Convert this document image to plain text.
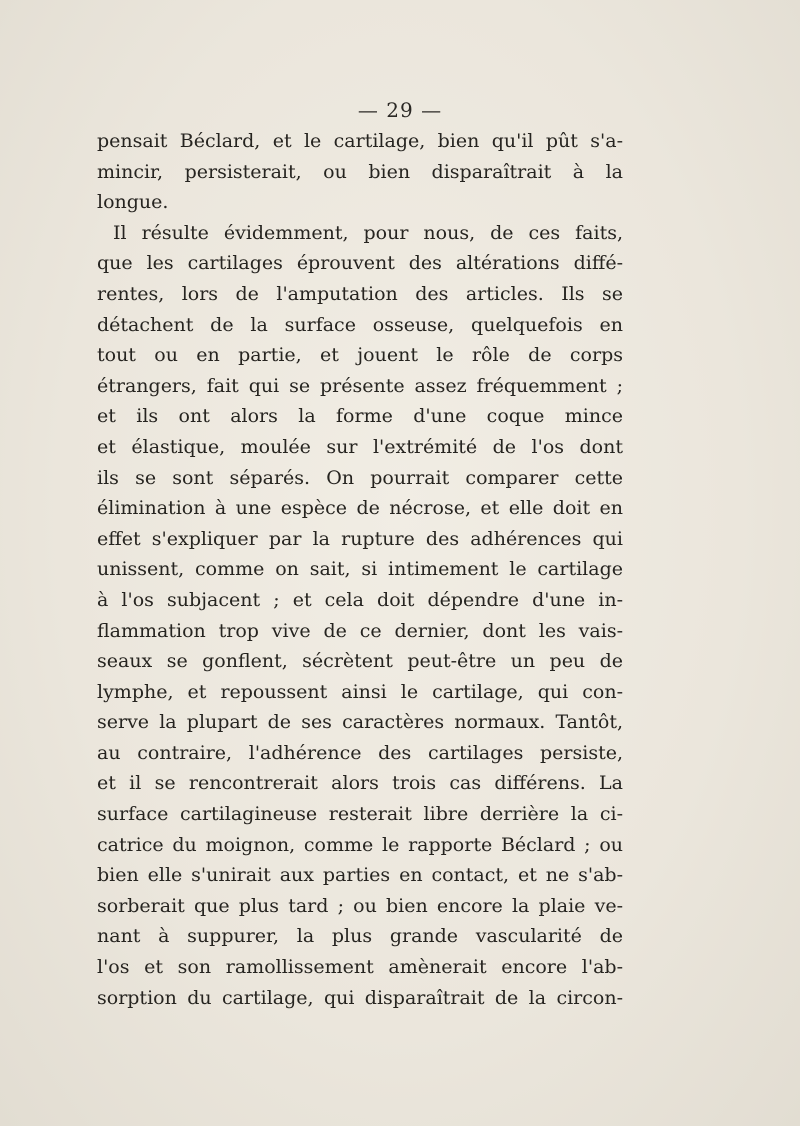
— 29 —
pensait Béclard, et le cartilage, bien qu'il pût s'a-
mincir, persisterait, ou bien disparaîtrait à la
longue.
Il résulte évidemment, pour nous, de ces faits,
que les cartilages éprouvent des altérations diffé-
rentes, lors de l'amputation des articles. Ils se
détachent de la surface osseuse, quelquefois en
tout ou en partie, et jouent le rôle de corps
étrangers, fait qui se présente assez fréquemment ;
et ils ont alors la forme d'une coque mince
et élastique, moulée sur l'extrémité de l'os dont
ils se sont séparés. On pourrait comparer cette
élimination à une espèce de nécrose, et elle doit en
effet s'expliquer par la rupture des adhérences qui
unissent, comme on sait, si intimement le cartilage
à l'os subjacent ; et cela doit dépendre d'une in-
flammation trop vive de ce dernier, dont les vais-
seaux se gonflent, sécrètent peut-être un peu de
lymphe, et repoussent ainsi le cartilage, qui con-
serve la plupart de ses caractères normaux. Tantôt,
au contraire, l'adhérence des cartilages persiste,
et il se rencontrerait alors trois cas différens. La
surface cartilagineuse resterait libre derrière la ci-
catrice du moignon, comme le rapporte Béclard ; ou
bien elle s'unirait aux parties en contact, et ne s'ab-
sorberait que plus tard ; ou bien encore la plaie ve-
nant à suppurer, la plus grande vascularité de
l'os et son ramollissement amènerait encore l'ab-
sorption du cartilage, qui disparaîtrait de la circon-
